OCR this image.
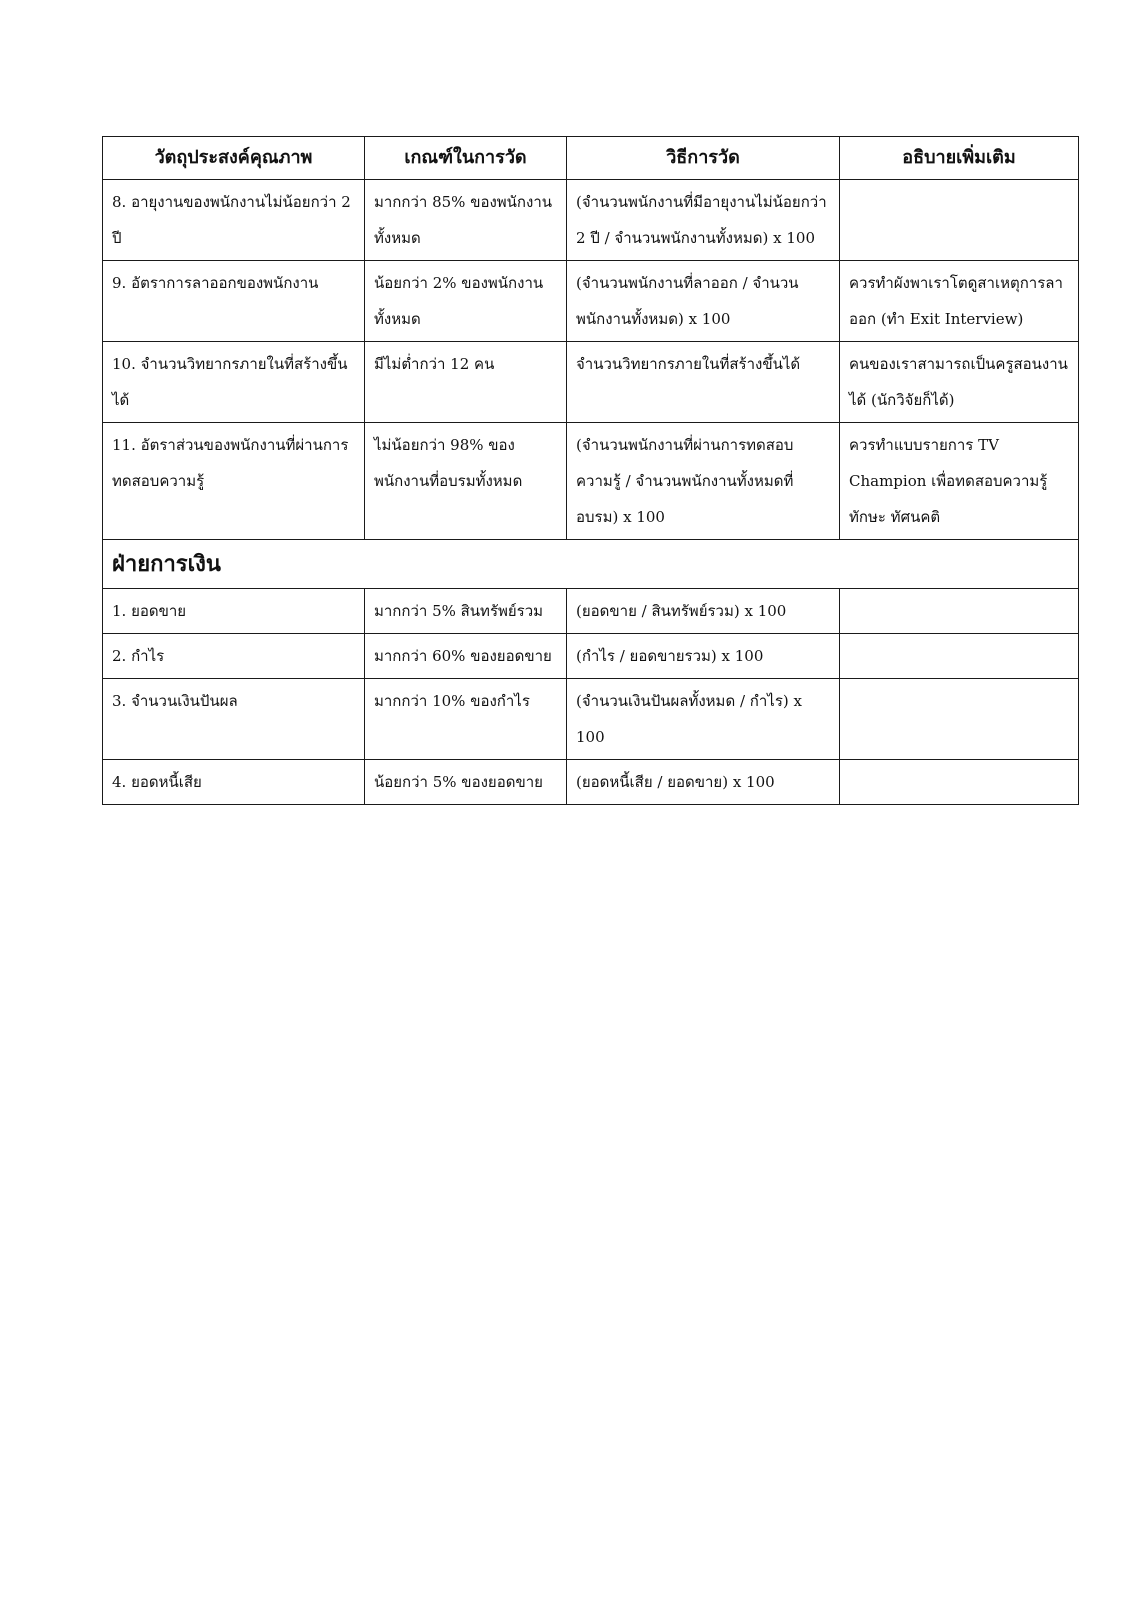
วัตถุประสงค์คุณภาพ	เกณฑ์ในการวัด	วิธีการวัด	อธิบายเพิ่มเติม
8. อายุงานของพนักงานไม่น้อยกว่า 2 ปี	มากกว่า 85% ของพนักงานทั้งหมด	(จำนวนพนักงานที่มีอายุงานไม่น้อยกว่า 2 ปี / จำนวนพนักงานทั้งหมด) x 100	
9. อัตราการลาออกของพนักงาน	น้อยกว่า 2% ของพนักงานทั้งหมด	(จำนวนพนักงานที่ลาออก / จำนวนพนักงานทั้งหมด) x 100	ควรทำผังพาเราโตดูสาเหตุการลาออก (ทำ Exit Interview)
10. จำนวนวิทยากรภายในที่สร้างขึ้นได้	มีไม่ต่ำกว่า 12 คน	จำนวนวิทยากรภายในที่สร้างขึ้นได้	คนของเราสามารถเป็นครูสอนงานได้ (นักวิจัยก็ได้)
11. อัตราส่วนของพนักงานที่ผ่านการทดสอบความรู้	ไม่น้อยกว่า 98% ของพนักงานที่อบรมทั้งหมด	(จำนวนพนักงานที่ผ่านการทดสอบความรู้ / จำนวนพนักงานทั้งหมดที่อบรม) x 100	ควรทำแบบรายการ TV Champion เพื่อทดสอบความรู้ ทักษะ ทัศนคติ
ฝ่ายการเงิน			
1. ยอดขาย	มากกว่า 5% สินทรัพย์รวม	(ยอดขาย / สินทรัพย์รวม) x 100	
2. กำไร	มากกว่า 60% ของยอดขาย	(กำไร / ยอดขายรวม) x 100	
3. จำนวนเงินปันผล	มากกว่า 10% ของกำไร	(จำนวนเงินปันผลทั้งหมด / กำไร) x 100	
4. ยอดหนี้เสีย	น้อยกว่า 5% ของยอดขาย	(ยอดหนี้เสีย / ยอดขาย) x 100	
